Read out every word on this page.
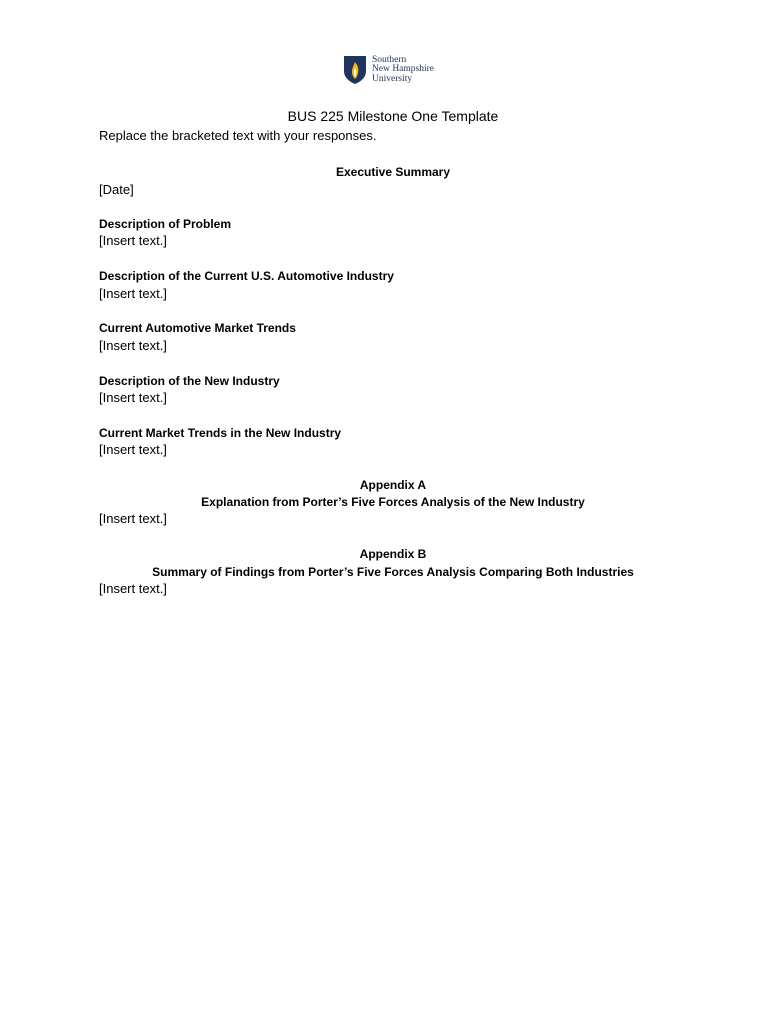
Southern
New Hampshire
University
BUS 225 Milestone One Template
Replace the bracketed text with your responses.
Executive Summary
[Date]
Description of Problem
[Insert text.]
Description of the Current U.S. Automotive Industry
[Insert text.]
Current Automotive Market Trends
[Insert text.]
Description of the New Industry
[Insert text.]
Current Market Trends in the New Industry
[Insert text.]
Appendix A
Explanation from Porter’s Five Forces Analysis of the New Industry
[Insert text.]
Appendix B
Summary of Findings from Porter’s Five Forces Analysis Comparing Both Industries
[Insert text.]
